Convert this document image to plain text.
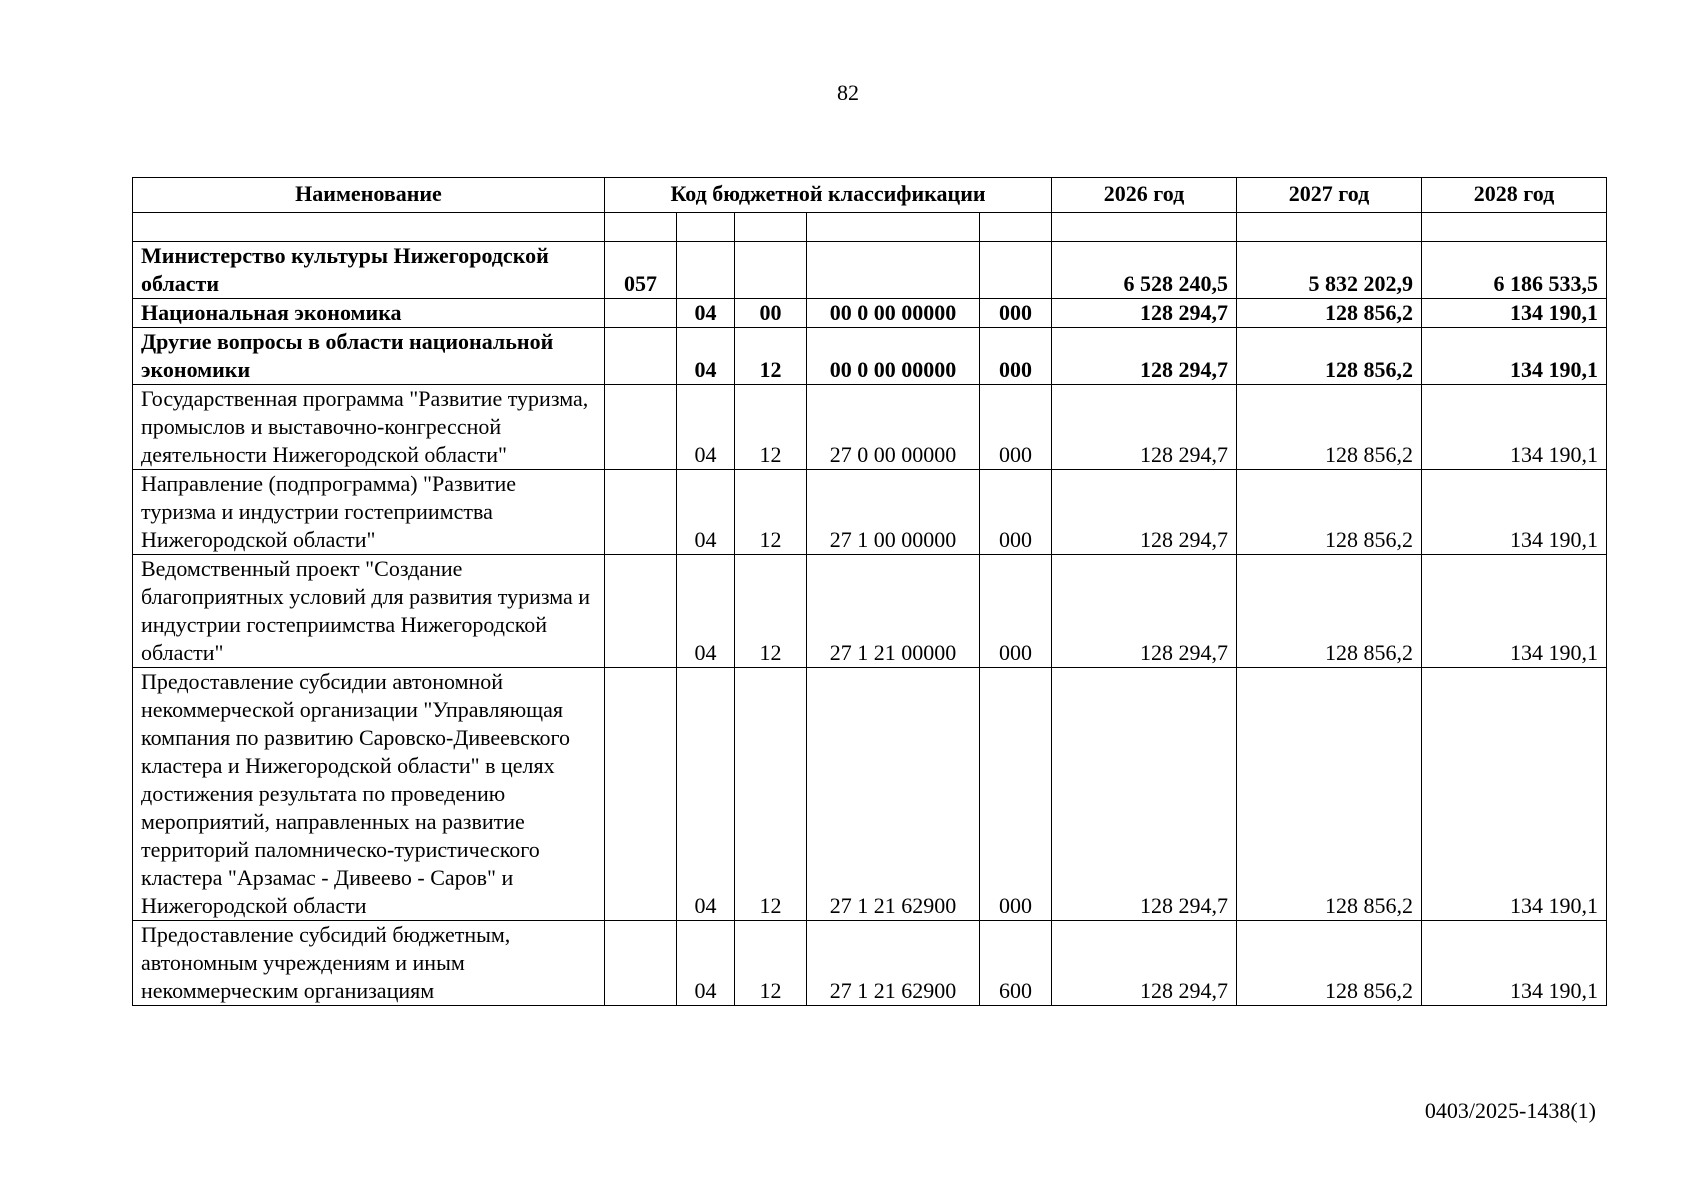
82
Наименование	Код бюджетной классификации					2026 год	2027 год	2028 год

Министерство культуры Нижегородской области	057					6 528 240,5	5 832 202,9	6 186 533,5
Национальная экономика		04	00	00 0 00 00000	000	128 294,7	128 856,2	134 190,1
Другие вопросы в области национальной экономики		04	12	00 0 00 00000	000	128 294,7	128 856,2	134 190,1
Государственная программа "Развитие туризма, промыслов и выставочно-конгрессной деятельности Нижегородской области"		04	12	27 0 00 00000	000	128 294,7	128 856,2	134 190,1
Направление (подпрограмма) "Развитие туризма и индустрии гостеприимства Нижегородской области"		04	12	27 1 00 00000	000	128 294,7	128 856,2	134 190,1
Ведомственный проект "Создание благоприятных условий для развития туризма и индустрии гостеприимства Нижегородской области"		04	12	27 1 21 00000	000	128 294,7	128 856,2	134 190,1
Предоставление субсидии автономной некоммерческой организации "Управляющая компания по развитию Саровско-Дивеевского кластера и Нижегородской области" в целях достижения результата по проведению мероприятий, направленных на развитие территорий паломническо-туристического кластера "Арзамас - Дивеево - Саров" и Нижегородской области		04	12	27 1 21 62900	000	128 294,7	128 856,2	134 190,1
Предоставление субсидий бюджетным, автономным учреждениям и иным некоммерческим организациям		04	12	27 1 21 62900	600	128 294,7	128 856,2	134 190,1
0403/2025-1438(1)
